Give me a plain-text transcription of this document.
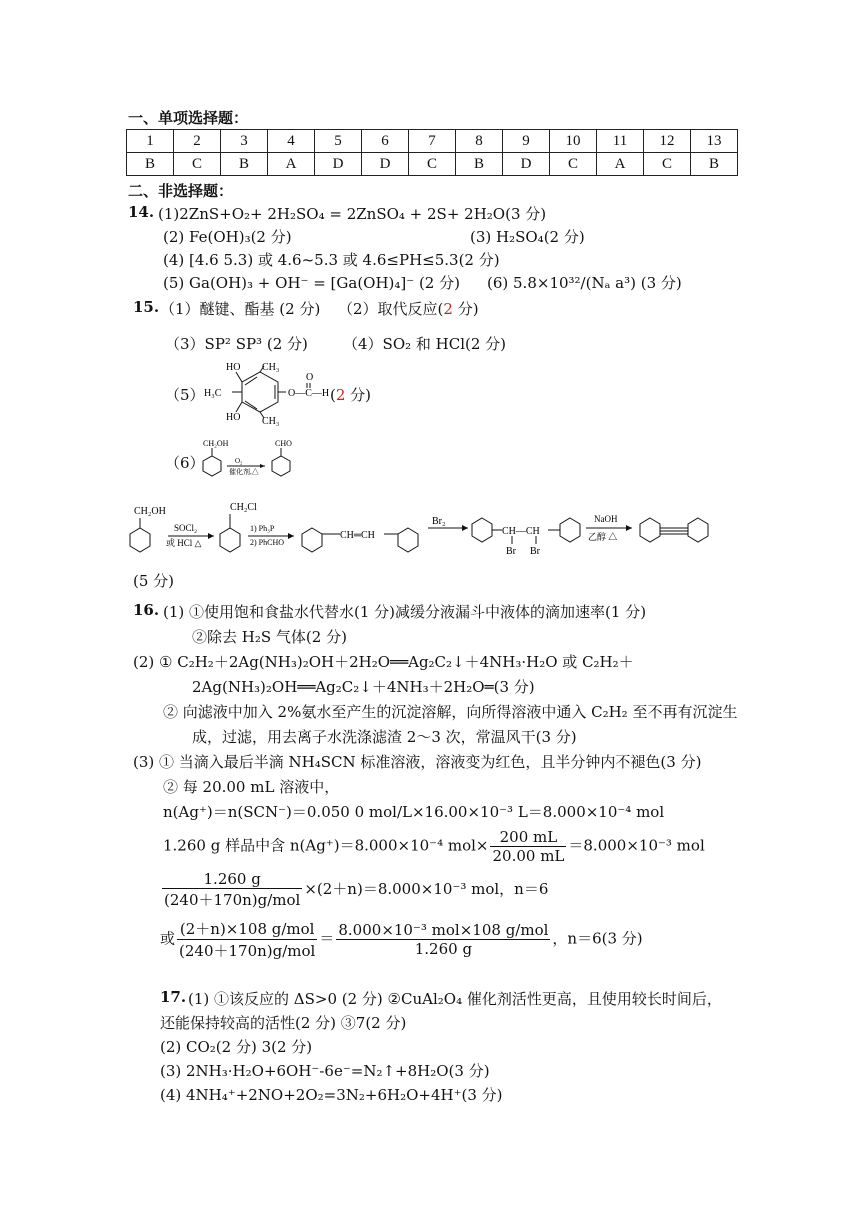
一、单项选择题：
1	2	3	4	5	6	7	8	9	10	11	12	13
B	C	B	A	D	D	C	B	D	C	A	C	B
二、非选择题：
14. (1)2ZnS+O₂+ 2H₂SO₄ = 2ZnSO₄ + 2S+ 2H₂O(3 分)
(2) Fe(OH)₃(2 分)	(3) H₂SO₄(2 分)
(4) [4.6 5.3) 或 4.6~5.3 或 4.6≤PH≤5.3(2 分)
(5) Ga(OH)₃ + OH⁻ = [Ga(OH)₄]⁻ (2 分) (6) 5.8×10³²/(Nₐ a³) (3 分)
15. （1）醚键、酯基 (2 分) （2）取代反应(2 分)
（3）SP² SP³ (2 分) （4）SO₂ 和 HCl(2 分)
（5）
HO CH₃
H₃C
HO CH₃
O
O—C—H (2 分)
（6）
CH₂OH
O₂
催化剂,△
CHO
CH₂OH
SOCl₂
或 HCl △
CH₂Cl
1) Ph₃P
2) PhCHO
CH═CH
Br₂
CH—CH
Br Br
NaOH
乙醇 △
(5 分)
16. (1) ①使用饱和食盐水代替水(1 分)减缓分液漏斗中液体的滴加速率(1 分)
②除去 H₂S 气体(2 分)
(2) ① C₂H₂＋2Ag(NH₃)₂OH＋2H₂O══Ag₂C₂↓＋4NH₃·H₂O 或 C₂H₂＋
2Ag(NH₃)₂OH══Ag₂C₂↓＋4NH₃＋2H₂O═(3 分)
② 向滤液中加入 2%氨水至产生的沉淀溶解，向所得溶液中通入 C₂H₂ 至不再有沉淀生
成，过滤，用去离子水洗涤滤渣 2～3 次，常温风干(3 分)
(3) ① 当滴入最后半滴 NH₄SCN 标准溶液，溶液变为红色，且半分钟内不褪色(3 分)
② 每 20.00 mL 溶液中，
n(Ag⁺)＝n(SCN⁻)＝0.050 0 mol/L×16.00×10⁻³ L＝8.000×10⁻⁴ mol
1.260 g 样品中含 n(Ag⁺)＝8.000×10⁻⁴ $mol\times \frac{200 mL}{20.00 mL} =8.000\times 10^{-3}$ mol
$\frac{1.260 g}{\text{(240＋170n)g/mol}} \times(2+n)=8.000\times 10^{-3}$ mol，n＝6
或 $\frac{\text{(2＋n)×108 g/mol}}{\text{(240＋170n)g/mol}} = \frac{\text{8.000×10⁻³ mol×108 g/mol}}{1.260 g}$ ，n＝6(3 分)
17. (1) ①该反应的 ΔS>0 (2 分) ②CuAl₂O₄ 催化剂活性更高，且使用较长时间后，
还能保持较高的活性(2 分) ③7(2 分)
(2) CO₂(2 分) 3(2 分)
(3) 2NH₃·H₂O+6OH⁻-6e⁻=N₂↑+8H₂O(3 分)
(4) 4NH₄⁺+2NO+2O₂=3N₂+6H₂O+4H⁺(3 分)
